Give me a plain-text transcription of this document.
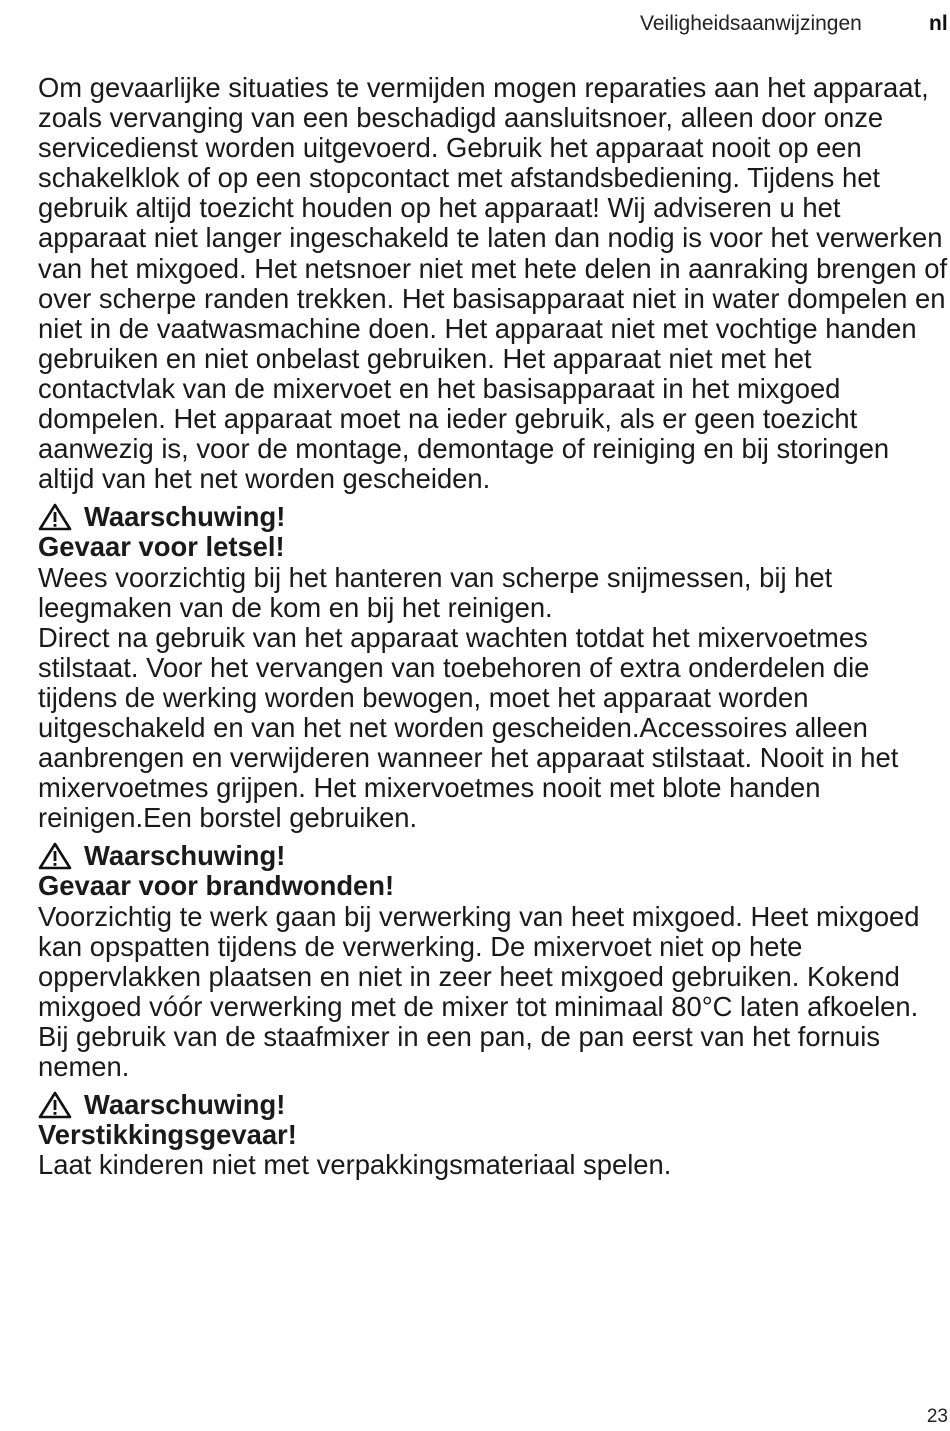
Veiligheidsaanwijzingen	nl

Om gevaarlijke situaties te vermijden mogen reparaties aan het apparaat, zoals vervanging van een beschadigd aansluitsnoer, alleen door onze servicedienst worden uitgevoerd. Gebruik het apparaat nooit op een schakelklok of op een stopcontact met afstandsbediening. Tijdens het gebruik altijd toezicht houden op het apparaat! Wij adviseren u het apparaat niet langer ingeschakeld te laten dan nodig is voor het verwerken van het mixgoed. Het netsnoer niet met hete delen in aanraking brengen of over scherpe randen trekken. Het basisapparaat niet in water dompelen en niet in de vaatwasmachine doen. Het apparaat niet met vochtige handen gebruiken en niet onbelast gebruiken. Het apparaat niet met het contactvlak van de mixervoet en het basisapparaat in het mixgoed dompelen. Het apparaat moet na ieder gebruik, als er geen toezicht aanwezig is, voor de montage, demontage of reiniging en bij storingen altijd van het net worden gescheiden.

Waarschuwing!
Gevaar voor letsel!

Wees voorzichtig bij het hanteren van scherpe snijmessen, bij het leegmaken van de kom en bij het reinigen.

Direct na gebruik van het apparaat wachten totdat het mixervoetmes stilstaat. Voor het vervangen van toebehoren of extra onderdelen die tijdens de werking worden bewogen, moet het apparaat worden uitgeschakeld en van het net worden gescheiden.Accessoires alleen aanbrengen en verwijderen wanneer het apparaat stilstaat. Nooit in het mixervoetmes grijpen. Het mixervoetmes nooit met blote handen reinigen.Een borstel gebruiken.

Waarschuwing!
Gevaar voor brandwonden!

Voorzichtig te werk gaan bij verwerking van heet mixgoed. Heet mixgoed kan opspatten tijdens de verwerking. De mixervoet niet op hete oppervlakken plaatsen en niet in zeer heet mixgoed gebruiken. Kokend mixgoed vóór verwerking met de mixer tot minimaal 80°C laten afkoelen. Bij gebruik van de staafmixer in een pan, de pan eerst van het fornuis nemen.

Waarschuwing!
Verstikkingsgevaar!

Laat kinderen niet met verpakkingsmateriaal spelen.

23
